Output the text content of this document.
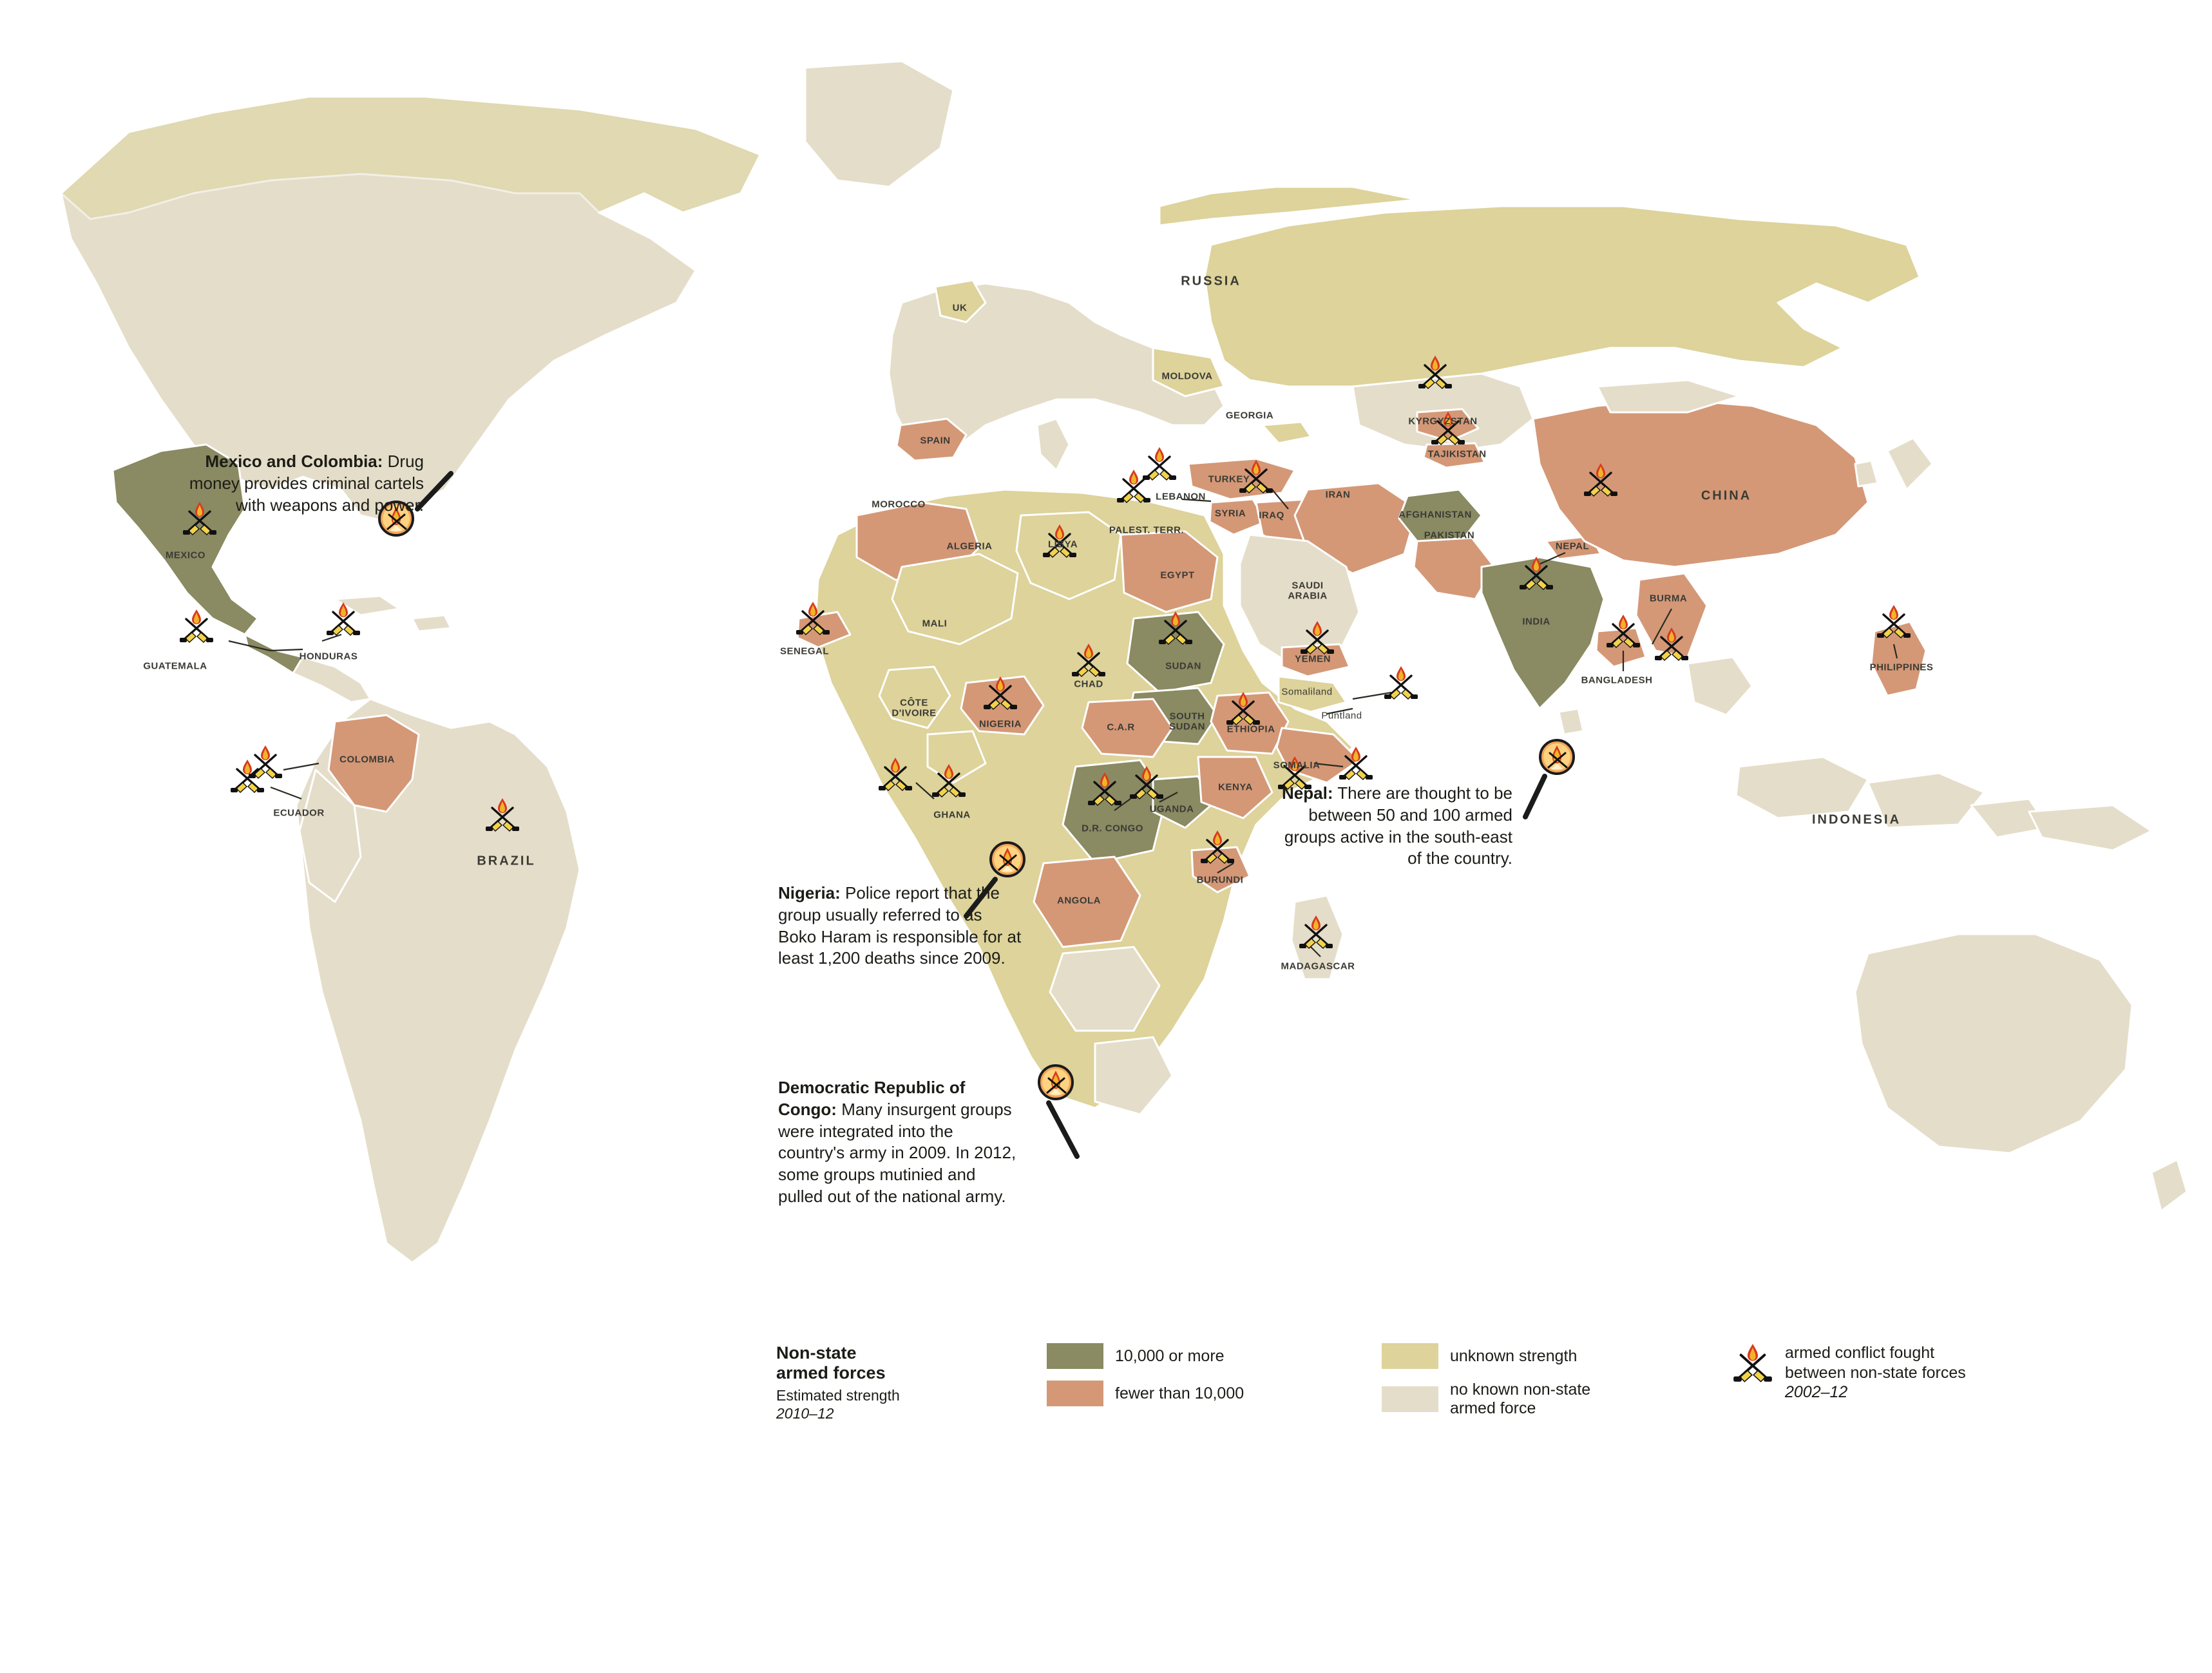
RUSSIA
CHINA
INDIA
BRAZIL
INDONESIA
UK
SPAIN
MOROCCO
ALGERIA
MALI
SENEGAL
LIBYA
EGYPT
CHAD
NIGERIA
CÔTE
D'IVOIRE
GHANA
C.A.R
SUDAN
SOUTH
SUDAN ETHIOPIA
SOMALIA
Somaliland
Puntland
KENYA
UGANDA
D.R. CONGO
BURUNDI
ANGOLA
MADAGASCAR
TURKEY
SYRIA
LEBANON
PALEST. TERR.
IRAQ
IRAN
SAUDI
ARABIA
YEMEN
GEORGIA
MOLDOVA
KYRGYZSTAN
TAJIKISTAN
AFGHANISTAN
PAKISTAN
NEPAL
BURMA
BANGLADESH
PHILIPPINES
MEXICO
GUATEMALA
HONDURAS
COLOMBIA
ECUADOR
Mexico and Colombia: Drug money provides criminal cartels with weapons and power.
Nigeria: Police report that the group usually referred to as Boko Haram is responsible for at least 1,200 deaths since 2009.
Democratic Republic of Congo: Many insurgent groups were integrated into the country's army in 2009. In 2012, some groups mutinied and pulled out of the national army.
Nepal: There are thought to be between 50 and 100 armed groups active in the south-east of the country.
Non-state
armed forces
Estimated strength
2010–12
10,000 or more
fewer than 10,000
unknown strength
no known non-state
armed force
armed conflict fought
between non-state forces
2002–12
